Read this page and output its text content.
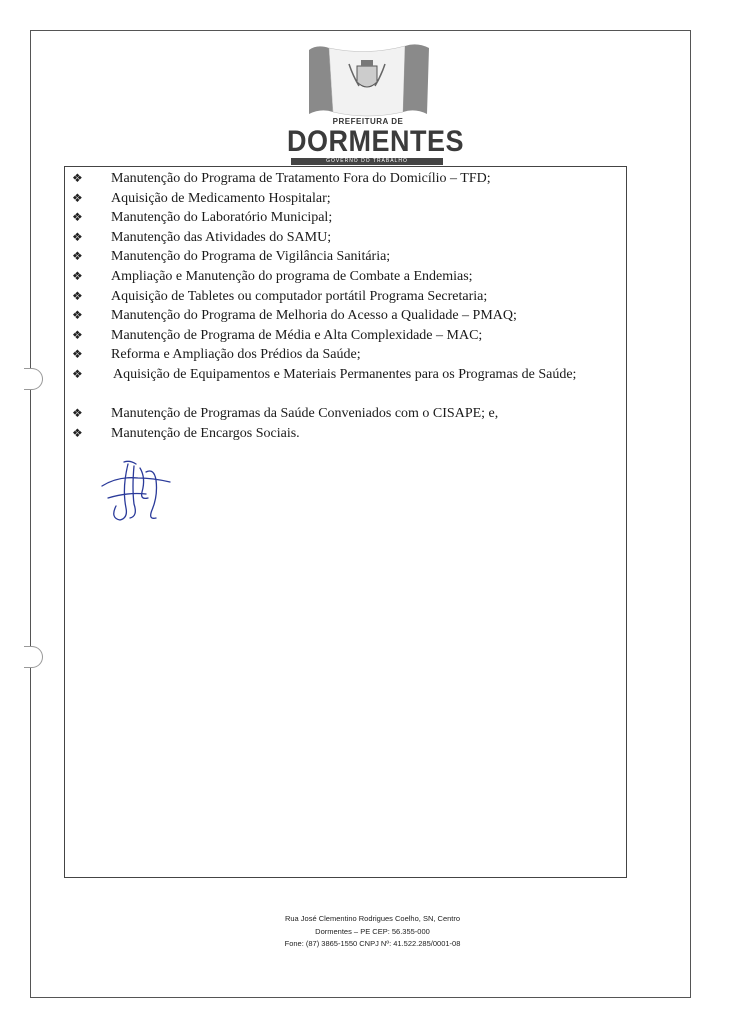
PREFEITURA DE
DORMENTES
GOVERNO DO TRABALHO
❖ Manutenção do Programa de Tratamento Fora do Domicílio – TFD;
❖ Aquisição de Medicamento Hospitalar;
❖ Manutenção do Laboratório Municipal;
❖ Manutenção das Atividades do SAMU;
❖ Manutenção do Programa de Vigilância Sanitária;
❖ Ampliação e Manutenção do programa de Combate a Endemias;
❖ Aquisição de Tabletes ou computador portátil Programa Secretaria;
❖ Manutenção do Programa de Melhoria do Acesso a Qualidade – PMAQ;
❖ Manutenção de Programa de Média e Alta Complexidade – MAC;
❖ Reforma e Ampliação dos Prédios da Saúde;
❖	Aquisição de Equipamentos e Materiais Permanentes para os Programas de Saúde;
❖ Manutenção de Programas da Saúde Conveniados com o CISAPE; e,
❖ Manutenção de Encargos Sociais.
Rua José Clementino Rodrigues Coelho, SN, Centro
Dormentes – PE CEP: 56.355-000
Fone: (87) 3865-1550 CNPJ Nº: 41.522.285/0001-08
